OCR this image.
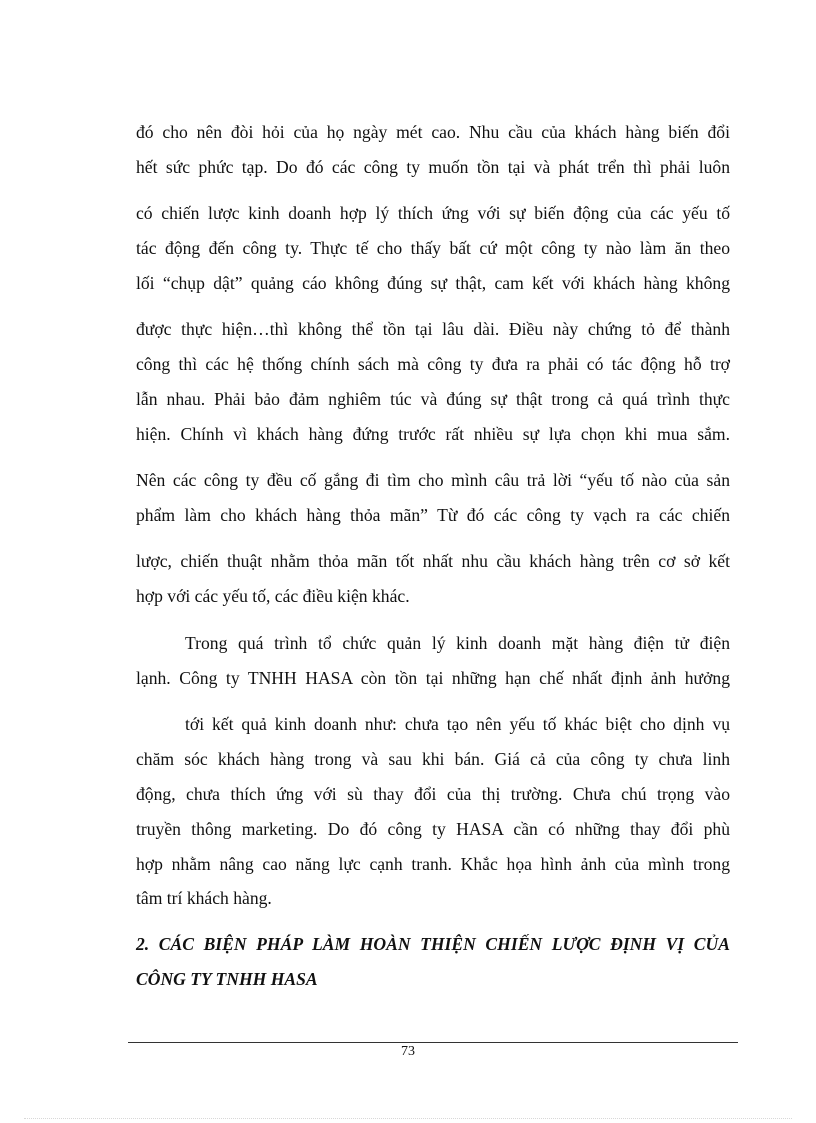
đó cho nên đòi hỏi của họ ngày mét cao. Nhu cầu của khách hàng biến đổi
hết sức phức tạp. Do đó các công ty muốn tồn tại và phát trển thì phải luôn
có chiến lược kinh doanh hợp lý thích ứng với sự biến động của các yếu tố
tác động đến công ty. Thực tế cho thấy bất cứ một công ty nào làm ăn theo
lối “chụp dật” quảng cáo không đúng sự thật, cam kết với khách hàng không
được thực hiện…thì không thể tồn tại lâu dài. Điều này chứng tỏ để thành
công thì các hệ thống chính sách mà công ty đưa ra phải có tác động hỗ trợ
lẫn nhau. Phải bảo đảm nghiêm túc và đúng sự thật trong cả quá trình thực
hiện. Chính vì khách hàng đứng trước rất nhiều sự lựa chọn khi mua sắm.
Nên các công ty đều cố gắng đi tìm cho mình câu trả lời “yếu tố nào của sản
phẩm làm cho khách hàng thỏa mãn” Từ đó các công ty vạch ra các chiến
lược, chiến thuật nhằm thỏa mãn tốt nhất nhu cầu khách hàng trên cơ sở kết
hợp với các yếu tố, các điều kiện khác.
Trong quá trình tổ chức quản lý kinh doanh mặt hàng điện tử điện
lạnh. Công ty TNHH HASA còn tồn tại những hạn chế nhất định ảnh hưởng
tới kết quả kinh doanh như: chưa tạo nên yếu tố khác biệt cho dịnh vụ
chăm sóc khách hàng trong và sau khi bán. Giá cả của công ty chưa linh
động, chưa thích ứng với sù thay đổi của thị trường. Chưa chú trọng vào
truyền thông marketing. Do đó công ty HASA cần có những thay đổi phù
hợp nhằm nâng cao năng lực cạnh tranh. Khắc họa hình ảnh của mình trong
tâm trí khách hàng.
2. CÁC BIỆN PHÁP LÀM HOÀN THIỆN CHIẾN LƯỢC ĐỊNH VỊ CỦA
CÔNG TY TNHH HASA
73
